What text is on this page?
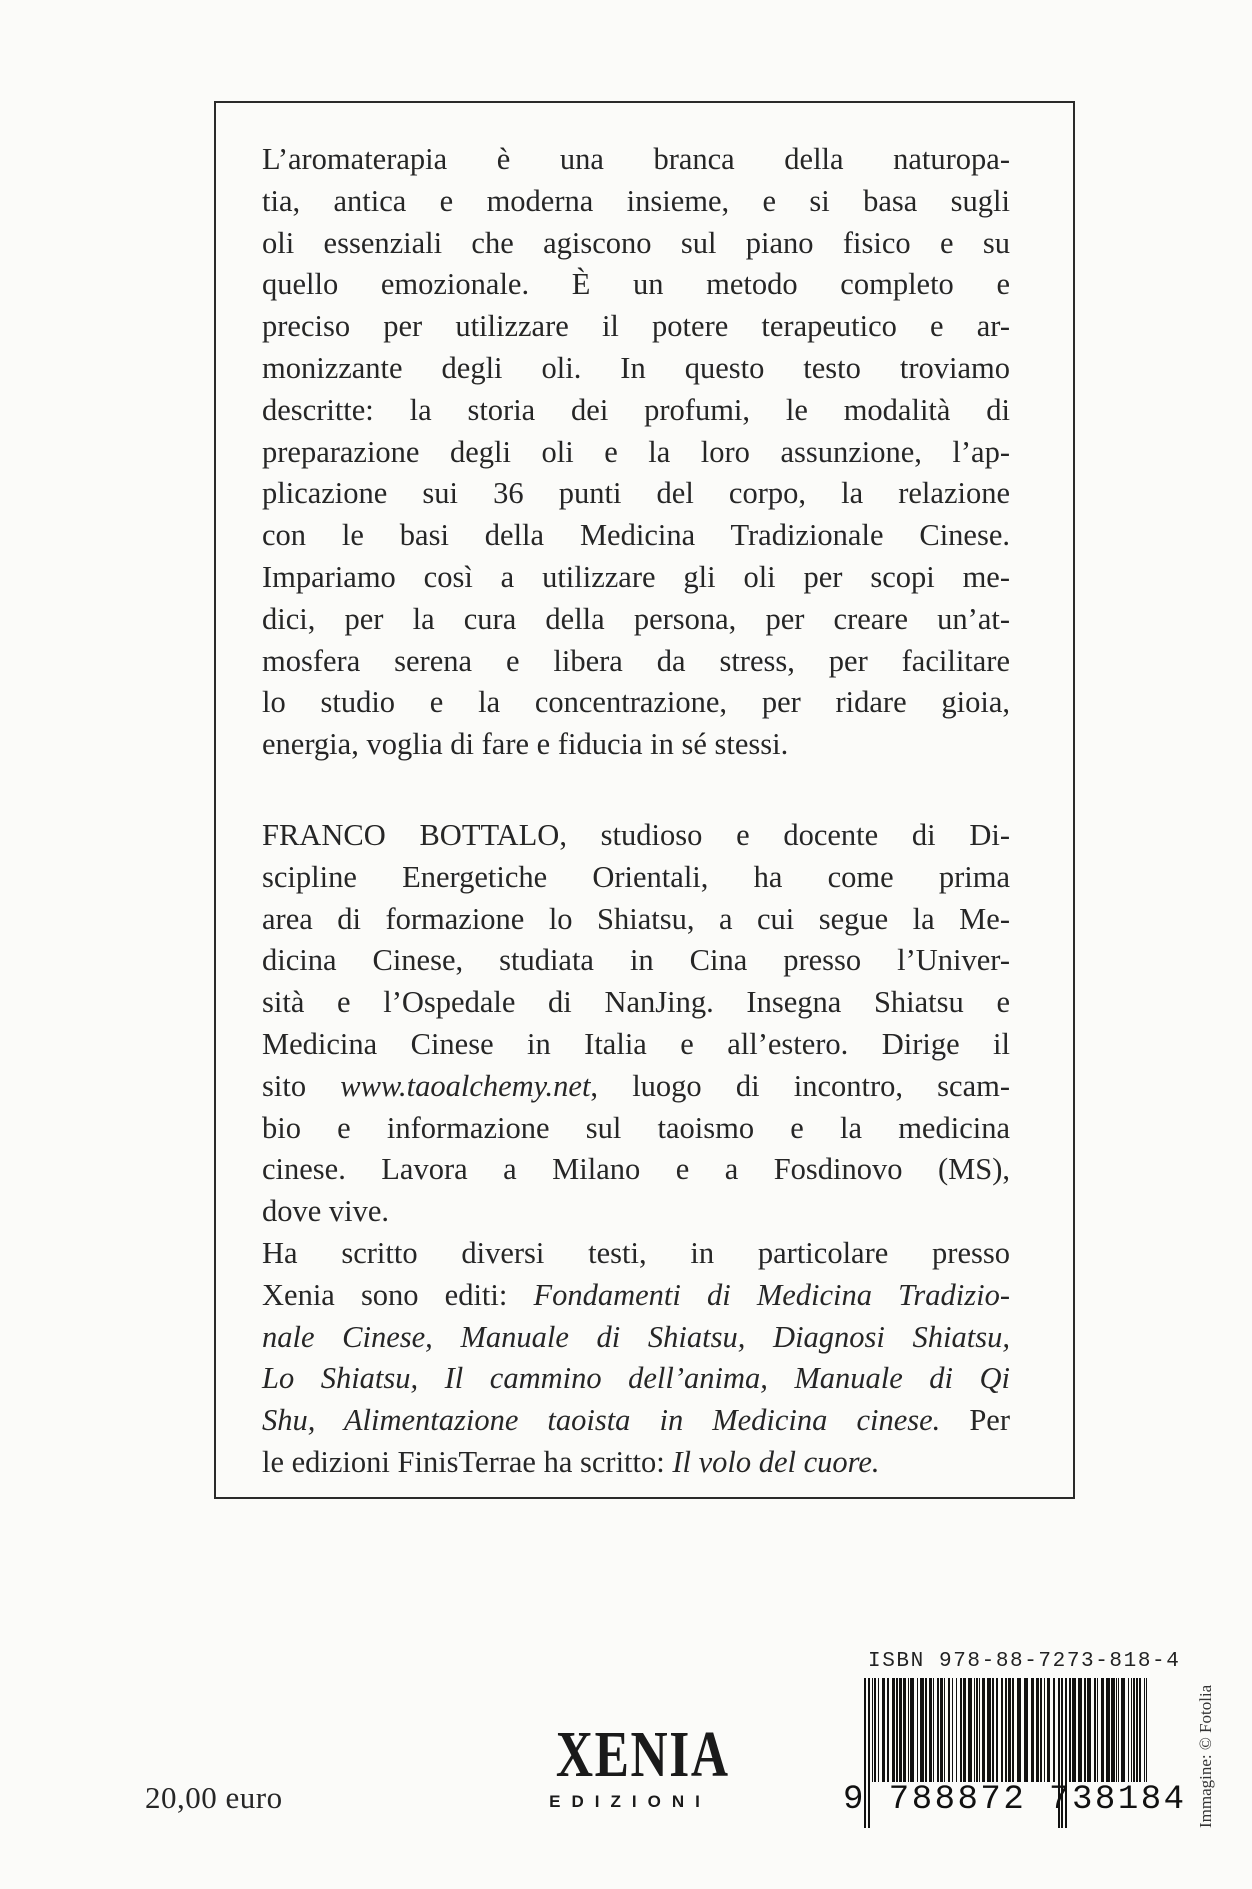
L’aromaterapia è una branca della naturopa-
tia, antica e moderna insieme, e si basa sugli
oli essenziali che agiscono sul piano fisico e su
quello emozionale. È un metodo completo e
preciso per utilizzare il potere terapeutico e ar-
monizzante degli oli. In questo testo troviamo
descritte: la storia dei profumi, le modalità di
preparazione degli oli e la loro assunzione, l’ap-
plicazione sui 36 punti del corpo, la relazione
con le basi della Medicina Tradizionale Cinese.
Impariamo così a utilizzare gli oli per scopi me-
dici, per la cura della persona, per creare un’at-
mosfera serena e libera da stress, per facilitare
lo studio e la concentrazione, per ridare gioia,
energia, voglia di fare e fiducia in sé stessi.
FRANCO BOTTALO, studioso e docente di Di-
scipline Energetiche Orientali, ha come prima
area di formazione lo Shiatsu, a cui segue la Me-
dicina Cinese, studiata in Cina presso l’Univer-
sità e l’Ospedale di NanJing. Insegna Shiatsu e
Medicina Cinese in Italia e all’estero. Dirige il
sito www.taoalchemy.net, luogo di incontro, scam-
bio e informazione sul taoismo e la medicina
cinese. Lavora a Milano e a Fosdinovo (MS),
dove vive.
Ha scritto diversi testi, in particolare presso
Xenia sono editi: Fondamenti di Medicina Tradizio-
nale Cinese, Manuale di Shiatsu, Diagnosi Shiatsu,
Lo Shiatsu, Il cammino dell’anima, Manuale di Qi
Shu, Alimentazione taoista in Medicina cinese. Per
le edizioni FinisTerrae ha scritto: Il volo del cuore.
XENIA
EDIZIONI
20,00 euro
ISBN 978-88-7273-818-4
9 788872 738184 Immagine: © Fotolia
